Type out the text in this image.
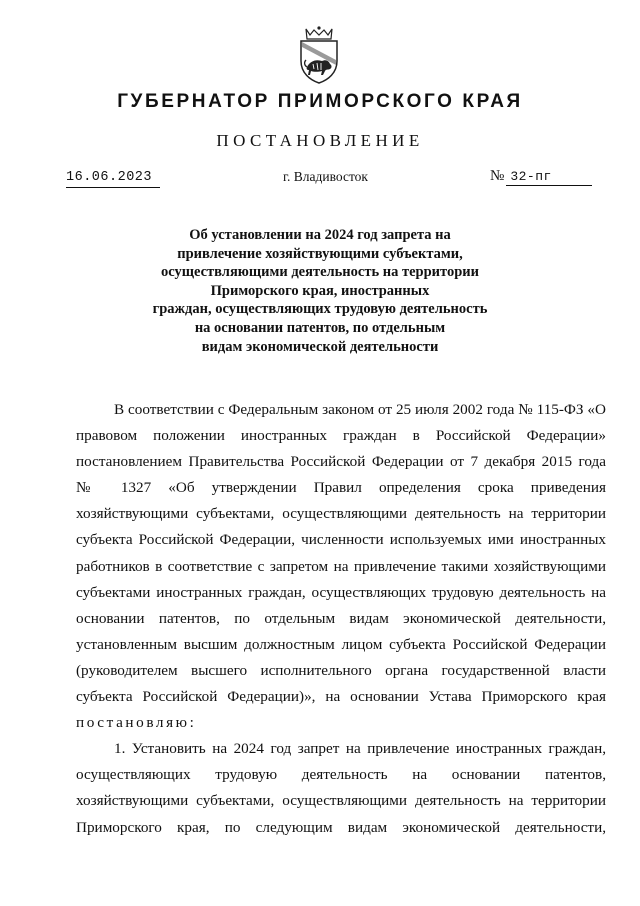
ГУБЕРНАТОР ПРИМОРСКОГО КРАЯ
ПОСТАНОВЛЕНИЕ
16.06.2023	г. Владивосток	№ 32-пг
Об установлении на 2024 год запрета на
привлечение хозяйствующими субъектами,
осуществляющими деятельность на территории
Приморского края, иностранных
граждан, осуществляющих трудовую деятельность
на основании патентов, по отдельным
видам экономической деятельности
В соответствии с Федеральным законом от 25 июля 2002 года № 115-ФЗ «О
правовом положении иностранных граждан в Российской Федерации»
постановлением Правительства Российской Федерации от 7 декабря 2015 года
№ 1327 «Об утверждении Правил определения срока приведения
хозяйствующими субъектами, осуществляющими деятельность на территории
субъекта Российской Федерации, численности используемых ими иностранных
работников в соответствие с запретом на привлечение такими хозяйствующими
субъектами иностранных граждан, осуществляющих трудовую деятельность на
основании патентов, по отдельным видам экономической деятельности,
установленным высшим должностным лицом субъекта Российской Федерации
(руководителем высшего исполнительного органа государственной власти
субъекта Российской Федерации)», на основании Устава Приморского края
постановляю:
1. Установить на 2024 год запрет на привлечение иностранных граждан,
осуществляющих трудовую деятельность на основании патентов,
хозяйствующими субъектами, осуществляющими деятельность на территории
Приморского края, по следующим видам экономической деятельности,
